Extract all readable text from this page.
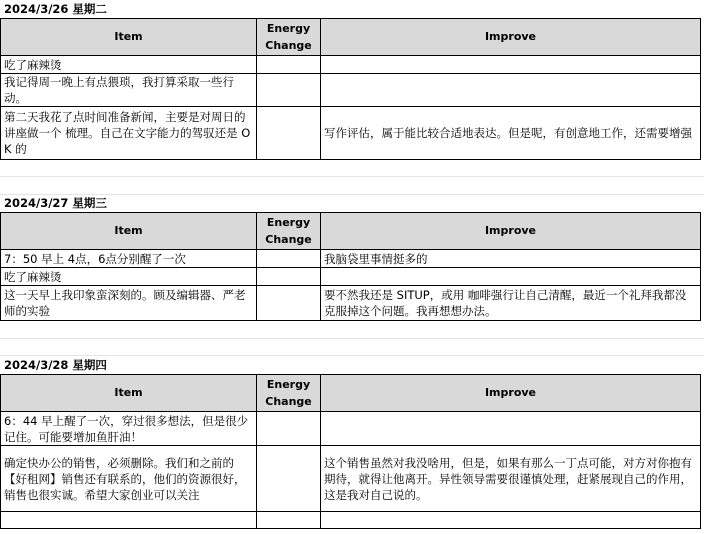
2024/3/26 星期二
Item	Energy Change	Improve
吃了麻辣烫		
我记得周一晚上有点猥琐，我打算采取一些行动。		
第二天我花了点时间准备新闻，主要是对周日的讲座做一个 梳理。自己在文字能力的驾驭还是 OK 的		写作评估，属于能比较合适地表达。但是呢，有创意地工作，还需要增强
2024/3/27 星期三
Item	Energy Change	Improve
7：50 早上 4点，6点分别醒了一次		我脑袋里事情挺多的
吃了麻辣烫		
这一天早上我印象蛮深刻的。顾及编辑器、严老师的实验		要不然我还是 SITUP，或用 咖啡强行让自己清醒，最近一个礼拜我都没克服掉这个问题。我再想想办法。
2024/3/28 星期四
Item	Energy Change	Improve
6：44 早上醒了一次，穿过很多想法，但是很少记住。可能要增加鱼肝油！		
确定快办公的销售，必须删除。我们和之前的【好租网】销售还有联系的，他们的资源很好，销售也很实诚。希望大家创业可以关注		这个销售虽然对我没啥用，但是，如果有那么一丁点可能，对方对你抱有期待，就得让他离开。异性领导需要很谨慎处理，赶紧展现自己的作用，这是我对自己说的。
